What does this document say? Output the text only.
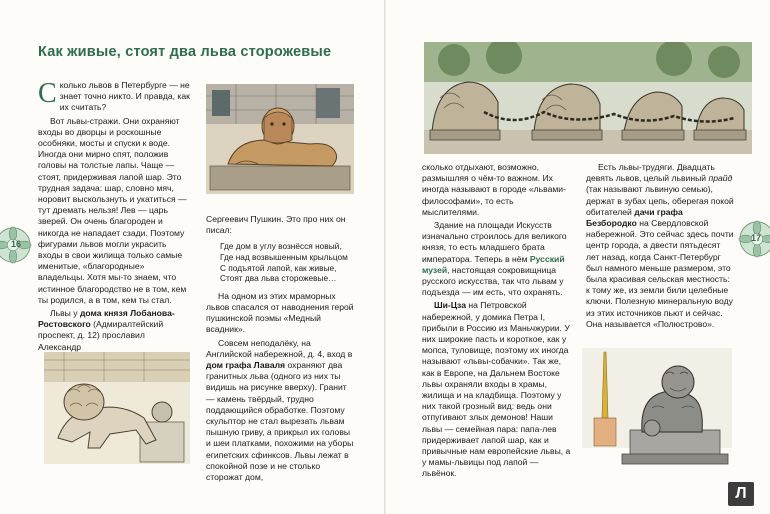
Как живые, стоят два льва сторожевые
16

Сколько львов в Петербурге — не знает точно никто. И правда, как их считать?

Вот львы-стражи. Они охраняют входы во дворцы и роскошные особняки, мосты и спуски к воде. Иногда они мирно спят, положив головы на толстые лапы. Чаще — стоят, придерживая лапой шар. Это трудная задача: шар, словно мяч, норовит выскользнуть и укатиться — тут дремать нельзя! Лев — царь зверей. Он очень благороден и никогда не нападает сзади. Поэтому фигурами львов могли украсить входы в свои жилища только самые именитые, «благородные» владельцы. Хотя мы-то знаем, что истинное благородство не в том, кем ты родился, а в том, кем ты стал.

Львы у дома князя Лобанова-Ростовского (Адмиралтейский проспект, д. 12) прославил Александр

Сергеевич Пушкин. Это про них он писал:

Где дом в углу вознёсся новый,
Где над возвышенным крыльцом
С подъятой лапой, как живые,
Стоят два льва сторожевые…

На одном из этих мраморных львов спасался от наводнения герой пушкинской поэмы «Медный всадник».

Совсем неподалёку, на Английской набережной, д. 4, вход в дом графа Лаваля охраняют два гранитных льва (одного из них ты видишь на рисунке вверху). Гранит — камень твёрдый, трудно поддающийся обработке. Поэтому скульптор не стал вырезать львам пышную гриву, а прикрыл их головы и шеи платками, похожими на уборы египетских сфинксов. Львы лежат в спокойной позе и не столько сторожат дом,

17

сколько отдыхают, возможно, размышляя о чём-то важном. Их иногда называют в городе «львами-философами», то есть мыслителями.

Здание на площади Искусств изначально строилось для великого князя, то есть младшего брата императора. Теперь в нём Русский музей, настоящая сокровищница русского искусства, так что львам у подъезда — им есть, что охранять.

Ши-Цза на Петровской набережной, у домика Петра I, прибыли в Россию из Маньчжурии. У них широкие пасть и короткое, как у мопса, туловище, поэтому их иногда называют «львы-собачки». Так же, как в Европе, на Дальнем Востоке львы охраняли входы в храмы, жилища и на кладбища. Поэтому у них такой грозный вид: ведь они отпугивают злых демонов! Наши львы — семейная пара: папа-лев придерживает лапой шар, как и привычные нам европейские львы, а у мамы-львицы под лапой — львёнок.

Есть львы-трудяги. Двадцать девять львов, целый львиный прайд (так называют львиную семью), держат в зубах цепь, оберегая покой обитателей дачи графа Безбородко на Свердловской набережной. Это сейчас здесь почти центр города, а двести пятьдесят лет назад, когда Санкт-Петербург был намного меньше размером, это была красивая сельская местность: к тому же, из земли били целебные ключи. Полезную минеральную воду из этих источников пьют и сейчас. Она называется «Полюстрово».

Л
